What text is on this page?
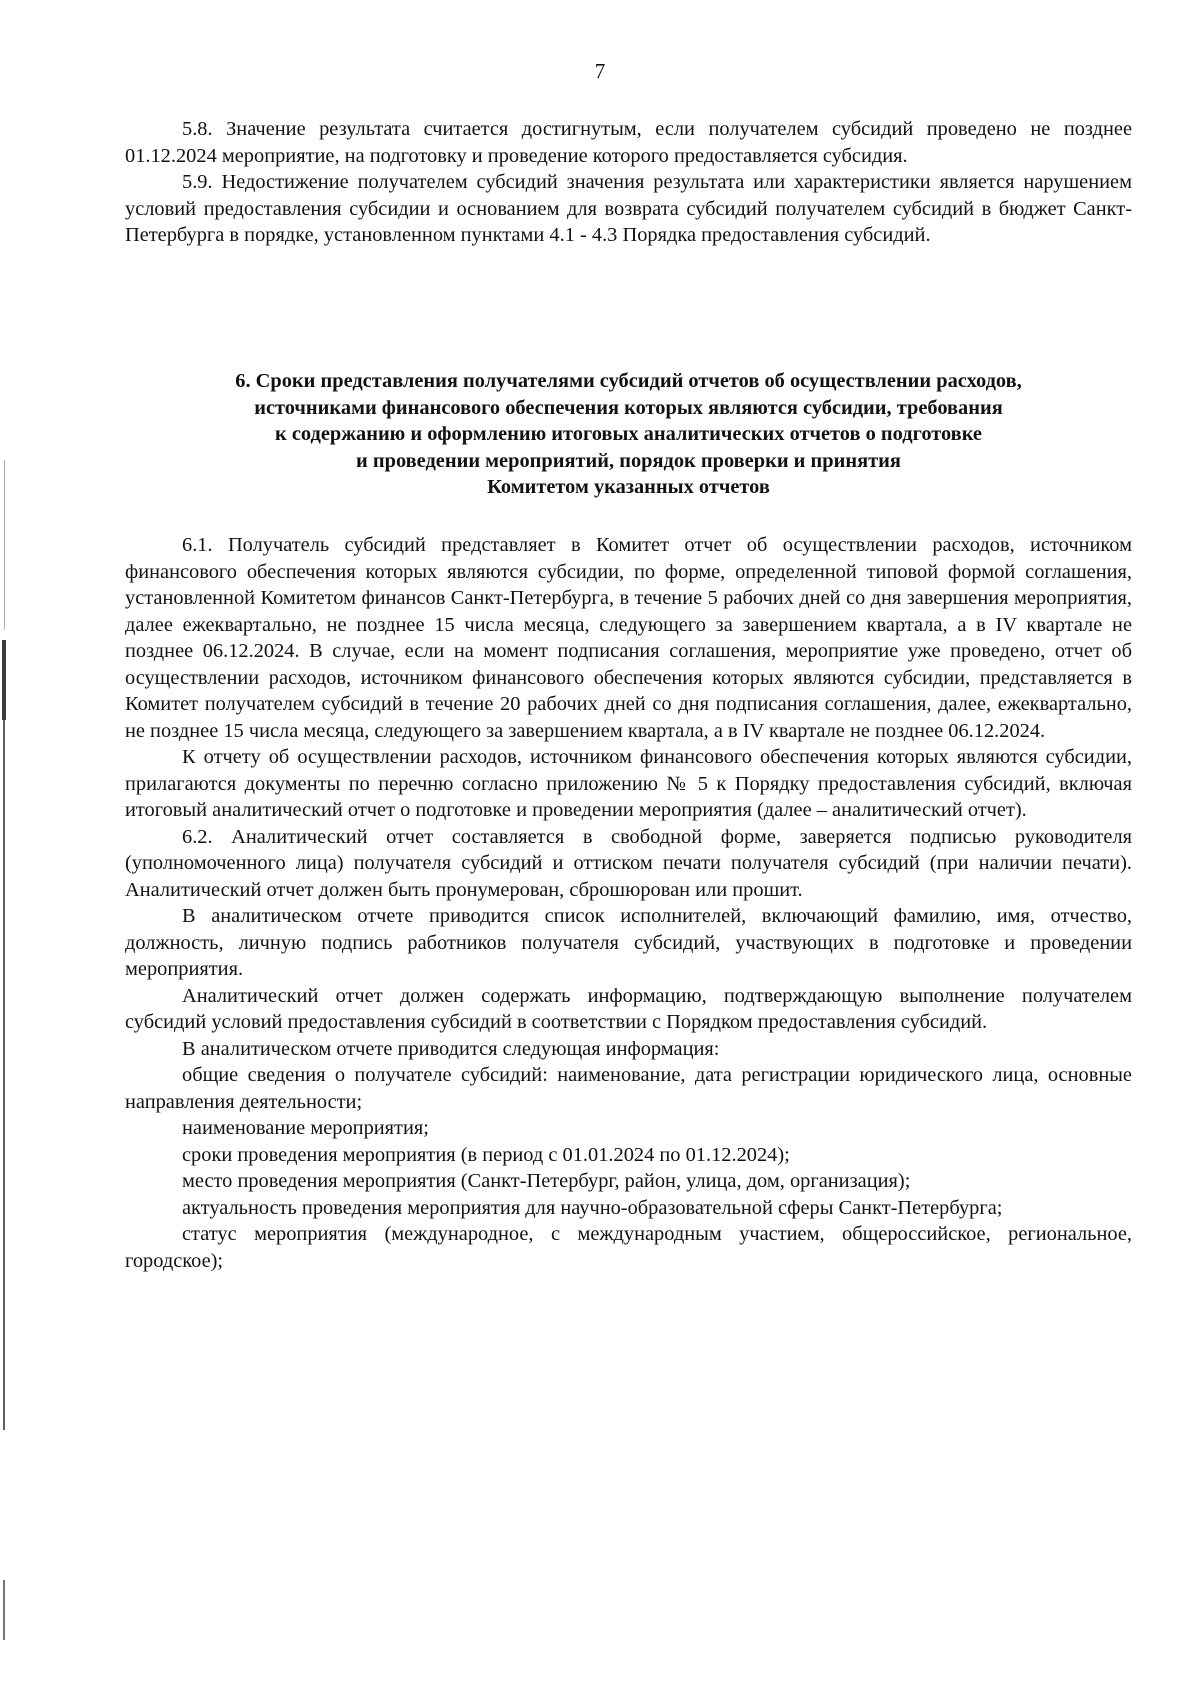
7

5.8. Значение результата считается достигнутым, если получателем субсидий проведено не позднее 01.12.2024 мероприятие, на подготовку и проведение которого предоставляется субсидия.

5.9. Недостижение получателем субсидий значения результата или характеристики является нарушением условий предоставления субсидии и основанием для возврата субсидий получателем субсидий в бюджет Санкт-Петербурга в порядке, установленном пунктами 4.1 - 4.3 Порядка предоставления субсидий.

6. Сроки представления получателями субсидий отчетов об осуществлении расходов,
источниками финансового обеспечения которых являются субсидии, требования
к содержанию и оформлению итоговых аналитических отчетов о подготовке
и проведении мероприятий, порядок проверки и принятия
Комитетом указанных отчетов

6.1. Получатель субсидий представляет в Комитет отчет об осуществлении расходов, источником финансового обеспечения которых являются субсидии, по форме, определенной типовой формой соглашения, установленной Комитетом финансов Санкт-Петербурга, в течение 5 рабочих дней со дня завершения мероприятия, далее ежеквартально, не позднее 15 числа месяца, следующего за завершением квартала, а в IV квартале не позднее 06.12.2024. В случае, если на момент подписания соглашения, мероприятие уже проведено, отчет об осуществлении расходов, источником финансового обеспечения которых являются субсидии, представляется в Комитет получателем субсидий в течение 20 рабочих дней со дня подписания соглашения, далее, ежеквартально, не позднее 15 числа месяца, следующего за завершением квартала, а в IV квартале не позднее 06.12.2024.

К отчету об осуществлении расходов, источником финансового обеспечения которых являются субсидии, прилагаются документы по перечню согласно приложению № 5 к Порядку предоставления субсидий, включая итоговый аналитический отчет о подготовке и проведении мероприятия (далее – аналитический отчет).

6.2. Аналитический отчет составляется в свободной форме, заверяется подписью руководителя (уполномоченного лица) получателя субсидий и оттиском печати получателя субсидий (при наличии печати). Аналитический отчет должен быть пронумерован, сброшюрован или прошит.

В аналитическом отчете приводится список исполнителей, включающий фамилию, имя, отчество, должность, личную подпись работников получателя субсидий, участвующих в подготовке и проведении мероприятия.

Аналитический отчет должен содержать информацию, подтверждающую выполнение получателем субсидий условий предоставления субсидий в соответствии с Порядком предоставления субсидий.

В аналитическом отчете приводится следующая информация:

общие сведения о получателе субсидий: наименование, дата регистрации юридического лица, основные направления деятельности;

наименование мероприятия;

сроки проведения мероприятия (в период с 01.01.2024 по 01.12.2024);

место проведения мероприятия (Санкт-Петербург, район, улица, дом, организация);

актуальность проведения мероприятия для научно-образовательной сферы Санкт-Петербурга;

статус мероприятия (международное, с международным участием, общероссийское, региональное, городское);
